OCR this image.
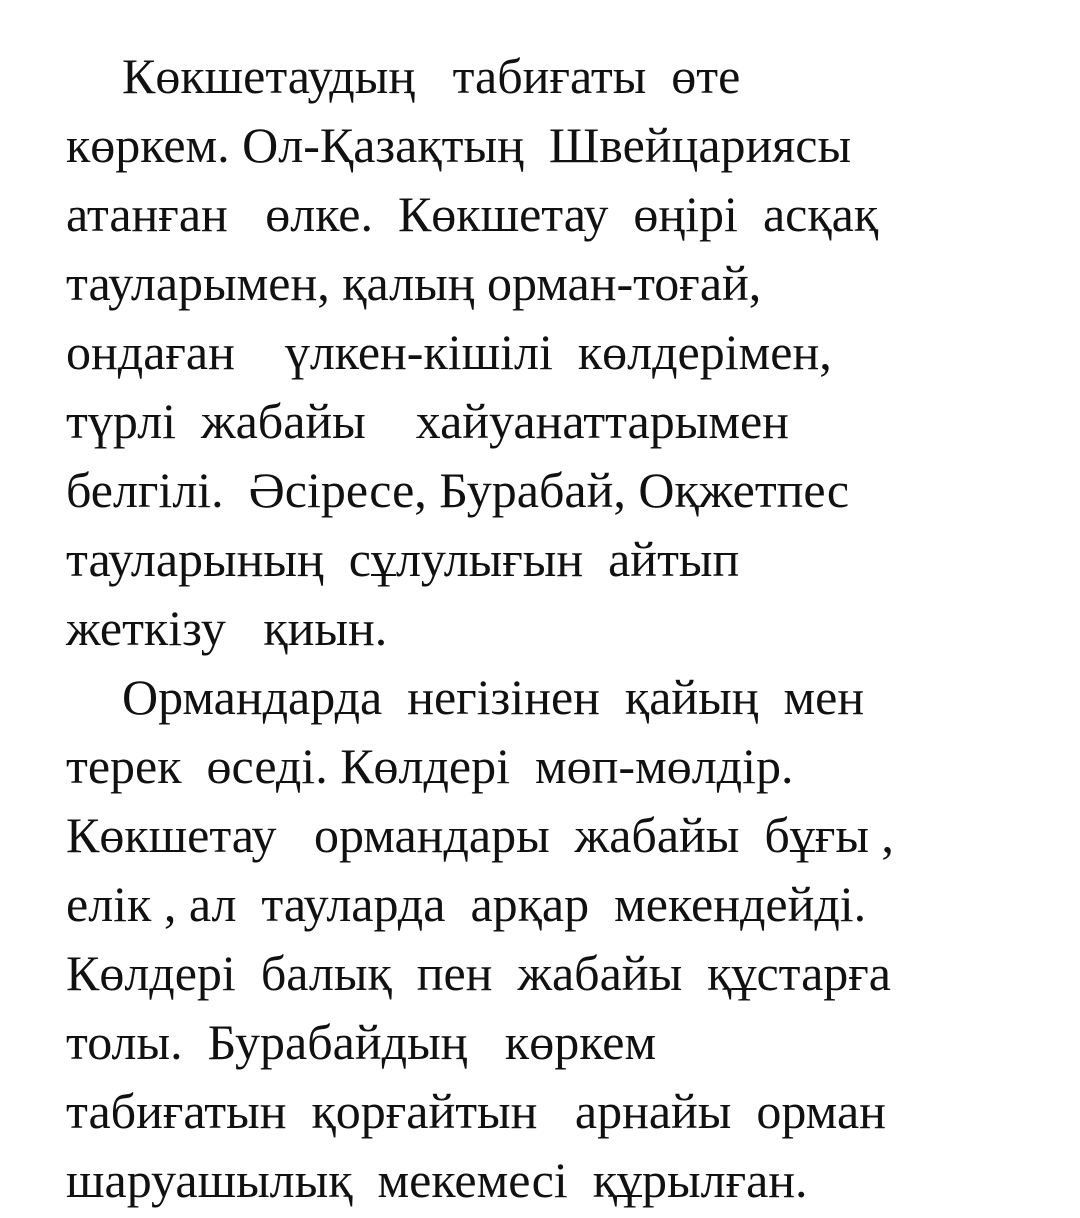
Көкшетаудың   табиғаты  өте

көркем. Ол-Қазақтың  Швейцариясы

атанған   өлке.  Көкшетау  өңірі  асқақ

тауларымен, қалың орман-тоғай,

ондаған    үлкен-кішілі  көлдерімен,

түрлі  жабайы    хайуанаттарымен

белгілі.  Әсіресе, Бурабай, Оқжетпес

тауларының  сұлулығын  айтып

жеткізу   қиын.

Ормандарда  негізінен  қайың  мен

терек  өседі. Көлдері  мөп-мөлдір.

Көкшетау   ормандары  жабайы  бұғы ,

елік , ал  тауларда  арқар  мекендейді.

Көлдері  балық  пен  жабайы  құстарға

толы.  Бурабайдың   көркем

табиғатын  қорғайтын   арнайы  орман

шаруашылық  мекемесі  құрылған.
